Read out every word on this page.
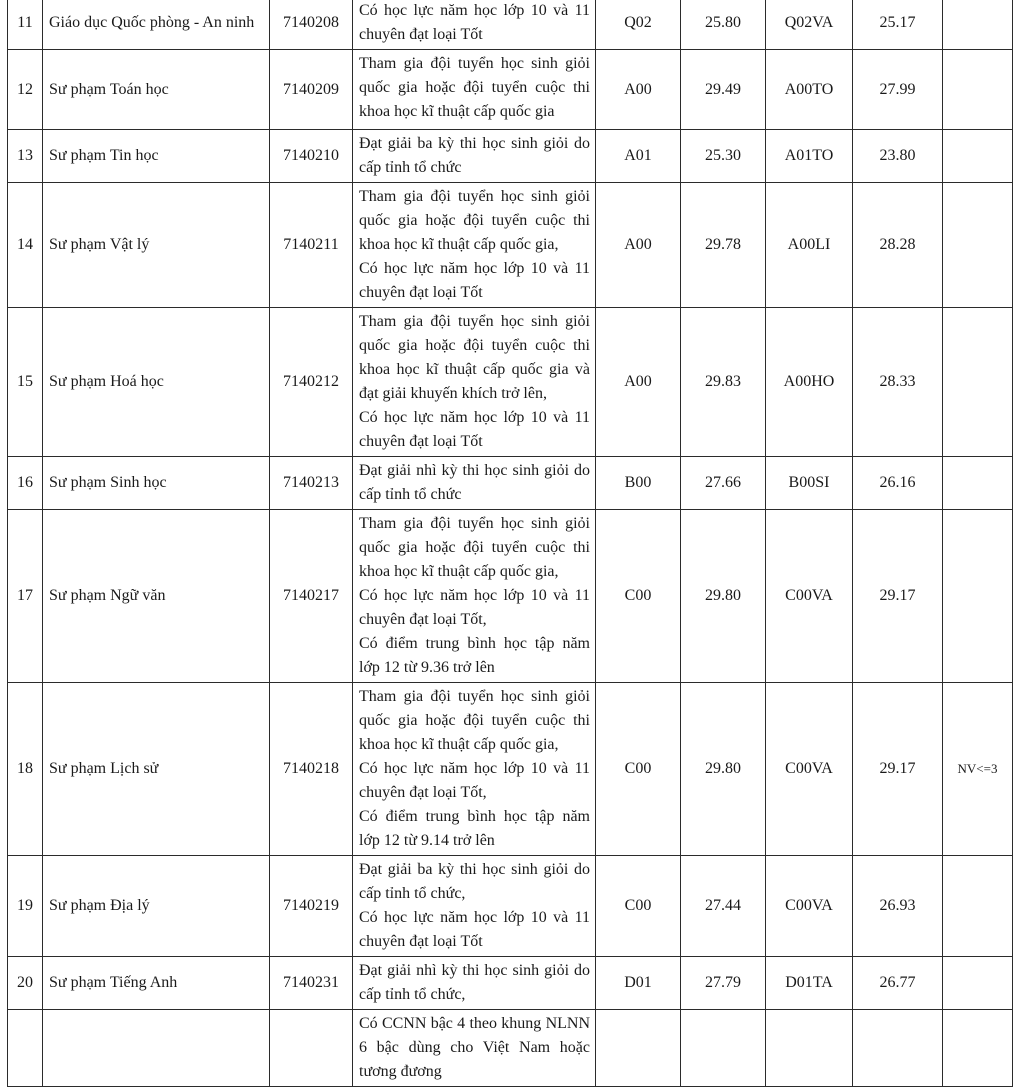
11	Giáo dục Quốc phòng - An ninh	7140208	Có học lực năm học lớp 10 và 11 chuyên đạt loại Tốt	Q02	25.80	Q02VA	25.17	
12	Sư phạm Toán học	7140209	Tham gia đội tuyển học sinh giỏi quốc gia hoặc đội tuyển cuộc thi khoa học kĩ thuật cấp quốc gia	A00	29.49	A00TO	27.99	
13	Sư phạm Tin học	7140210	Đạt giải ba kỳ thi học sinh giỏi do cấp tỉnh tổ chức	A01	25.30	A01TO	23.80	
14	Sư phạm Vật lý	7140211	Tham gia đội tuyển học sinh giỏi quốc gia hoặc đội tuyển cuộc thi khoa học kĩ thuật cấp quốc gia,
Có học lực năm học lớp 10 và 11 chuyên đạt loại Tốt	A00	29.78	A00LI	28.28	
15	Sư phạm Hoá học	7140212	Tham gia đội tuyển học sinh giỏi quốc gia hoặc đội tuyển cuộc thi khoa học kĩ thuật cấp quốc gia và đạt giải khuyến khích trở lên,
Có học lực năm học lớp 10 và 11 chuyên đạt loại Tốt	A00	29.83	A00HO	28.33	
16	Sư phạm Sinh học	7140213	Đạt giải nhì kỳ thi học sinh giỏi do cấp tỉnh tổ chức	B00	27.66	B00SI	26.16	
17	Sư phạm Ngữ văn	7140217	Tham gia đội tuyển học sinh giỏi quốc gia hoặc đội tuyển cuộc thi khoa học kĩ thuật cấp quốc gia,
Có học lực năm học lớp 10 và 11 chuyên đạt loại Tốt,
Có điểm trung bình học tập năm lớp 12 từ 9.36 trở lên	C00	29.80	C00VA	29.17	
18	Sư phạm Lịch sử	7140218	Tham gia đội tuyển học sinh giỏi quốc gia hoặc đội tuyển cuộc thi khoa học kĩ thuật cấp quốc gia,
Có học lực năm học lớp 10 và 11 chuyên đạt loại Tốt,
Có điểm trung bình học tập năm lớp 12 từ 9.14 trở lên	C00	29.80	C00VA	29.17	NV<=3
19	Sư phạm Địa lý	7140219	Đạt giải ba kỳ thi học sinh giỏi do cấp tỉnh tổ chức,
Có học lực năm học lớp 10 và 11 chuyên đạt loại Tốt	C00	27.44	C00VA	26.93	
20	Sư phạm Tiếng Anh	7140231	Đạt giải nhì kỳ thi học sinh giỏi do cấp tỉnh tổ chức,	D01	27.79	D01TA	26.77	

			Có CCNN bậc 4 theo khung NLNN 6 bậc dùng cho Việt Nam hoặc tương đương					
